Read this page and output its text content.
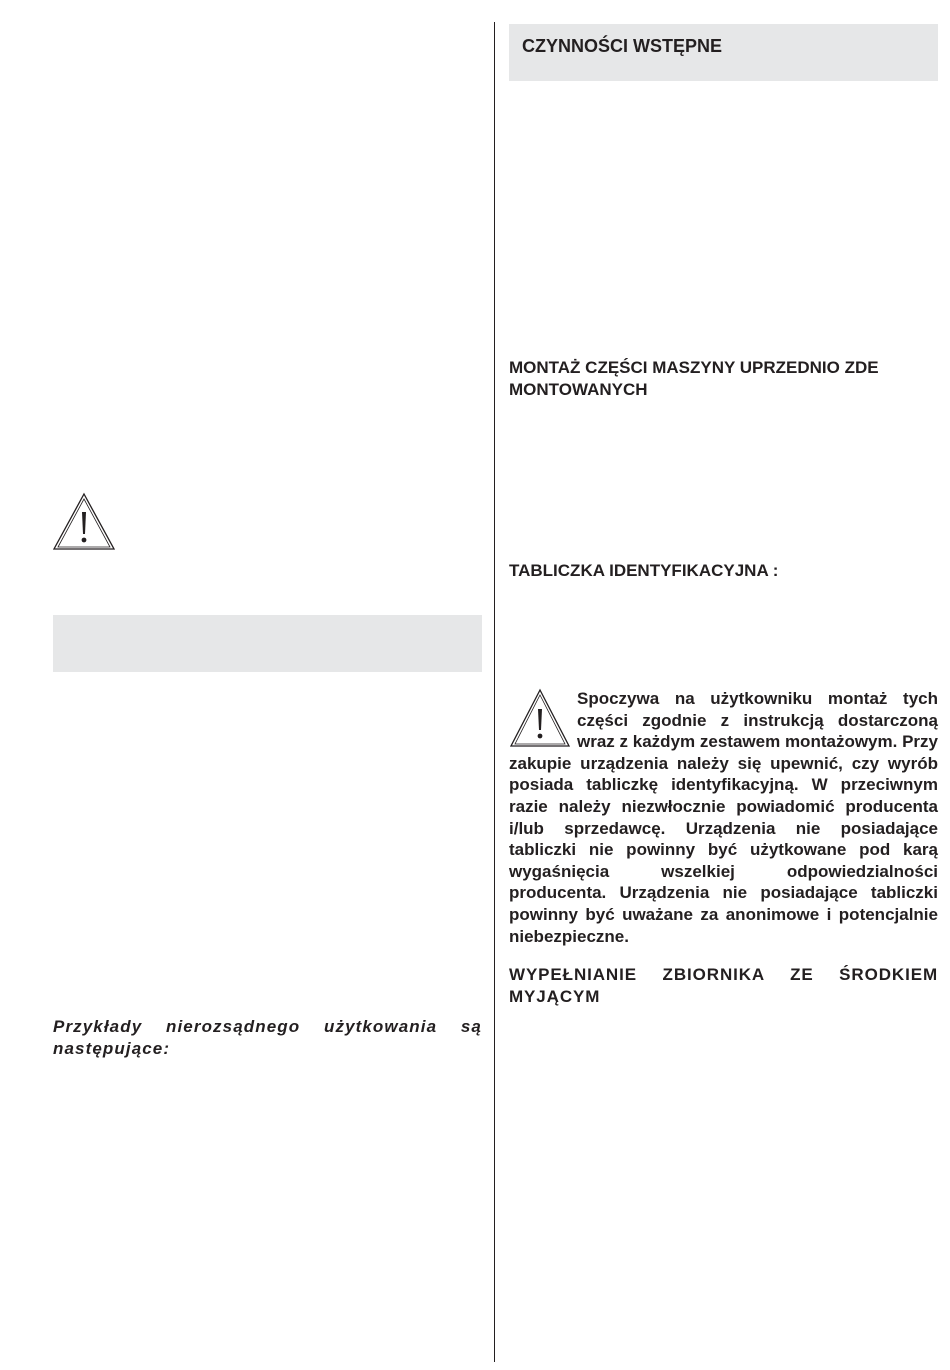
Przykłady nierozsądnego użytkowania są następujące:

CZYNNOŚCI WSTĘPNE

MONTAŻ CZĘŚCI MASZYNY UPRZEDNIO ZDE MONTOWANYCH

TABLICZKA IDENTYFIKACYJNA :

Spoczywa na użytkowniku montaż tych części zgodnie z instrukcją dostarczoną wraz z każdym zestawem montażowym. Przy zakupie urządzenia należy się upewnić, czy wyrób posiada tabliczkę identyfikacyjną. W przeciwnym razie należy niezwłocznie powiadomić producenta i/lub sprzedawcę. Urządzenia nie posiadające tabliczki nie powinny być użytkowane pod karą wygaśnięcia wszelkiej odpowiedzialności producenta. Urządzenia nie posiadające tabliczki powinny być uważane za anonimowe i potencjalnie niebezpieczne.

WYPEŁNIANIE ZBIORNIKA ZE ŚRODKIEM MYJĄCYM
